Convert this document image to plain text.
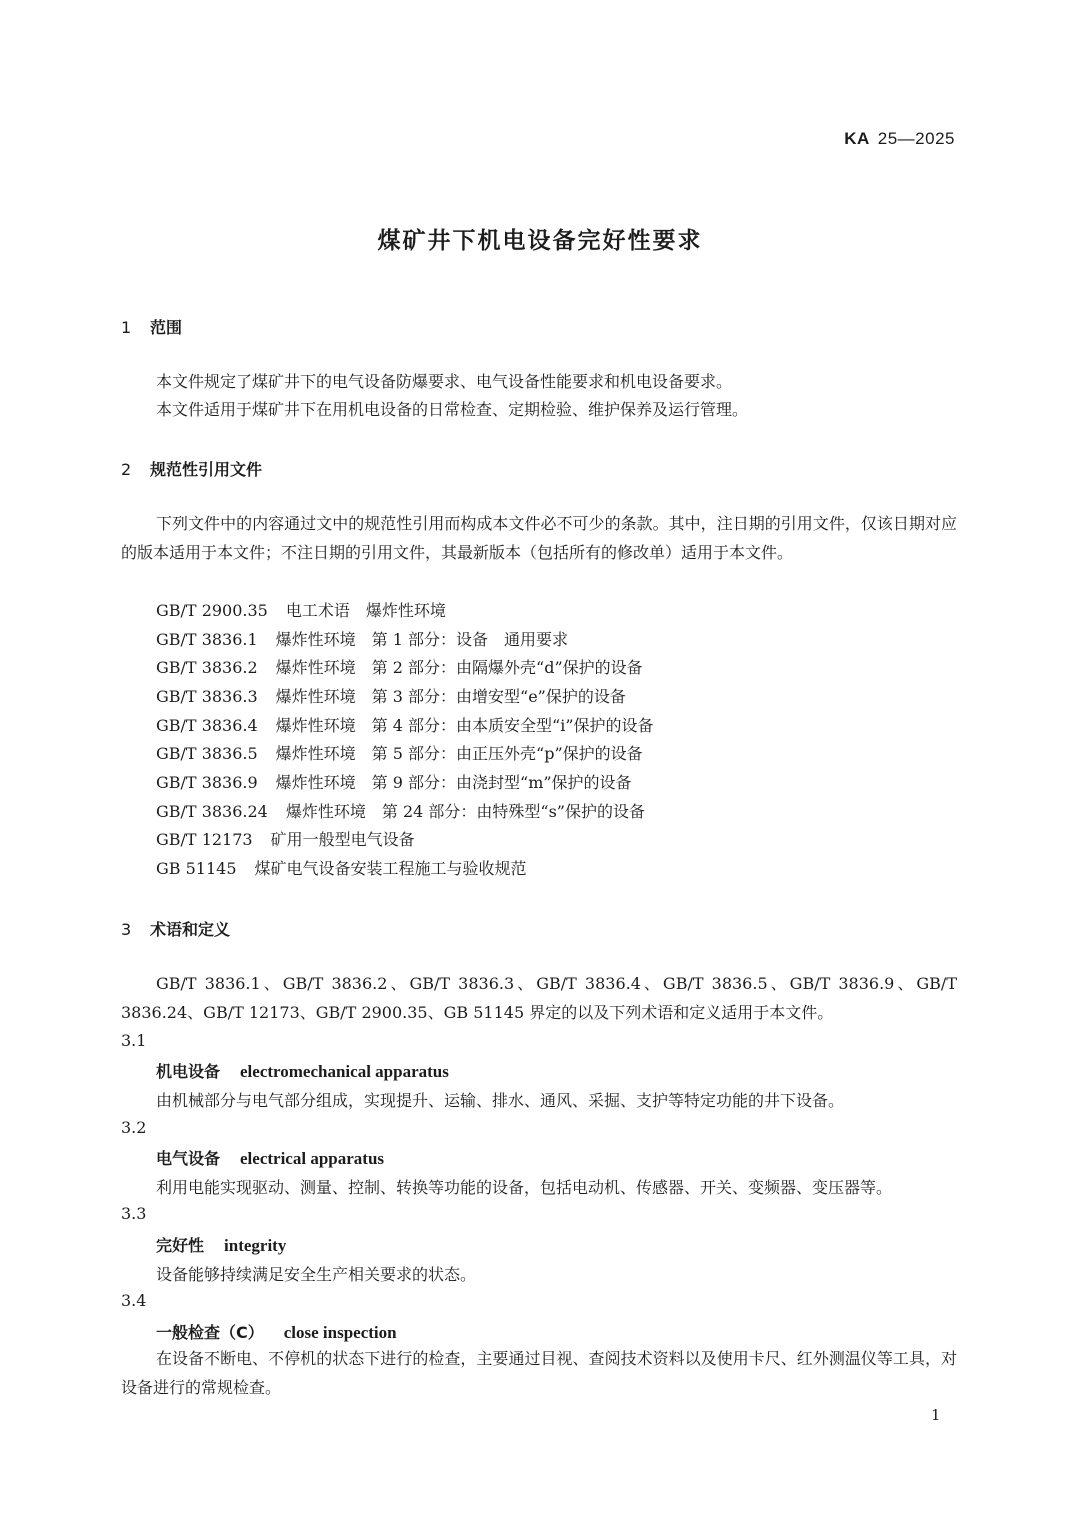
KA 25—2025
煤矿井下机电设备完好性要求
1 范围
本文件规定了煤矿井下的电气设备防爆要求、电气设备性能要求和机电设备要求。
本文件适用于煤矿井下在用机电设备的日常检查、定期检验、维护保养及运行管理。
2 规范性引用文件
下列文件中的内容通过文中的规范性引用而构成本文件必不可少的条款。其中，注日期的引用文件，仅该日期对应的版本适用于本文件；不注日期的引用文件，其最新版本（包括所有的修改单）适用于本文件。
GB/T 2900.35 电工术语　爆炸性环境
GB/T 3836.1 爆炸性环境　第 1 部分：设备　通用要求
GB/T 3836.2 爆炸性环境　第 2 部分：由隔爆外壳“d”保护的设备
GB/T 3836.3 爆炸性环境　第 3 部分：由增安型“e”保护的设备
GB/T 3836.4 爆炸性环境　第 4 部分：由本质安全型“i”保护的设备
GB/T 3836.5 爆炸性环境　第 5 部分：由正压外壳“p”保护的设备
GB/T 3836.9 爆炸性环境　第 9 部分：由浇封型“m”保护的设备
GB/T 3836.24 爆炸性环境　第 24 部分：由特殊型“s”保护的设备
GB/T 12173 矿用一般型电气设备
GB 51145 煤矿电气设备安装工程施工与验收规范
3 术语和定义
GB/T 3836.1、GB/T 3836.2、GB/T 3836.3、GB/T 3836.4、GB/T 3836.5、GB/T 3836.9、GB/T 3836.24、GB/T 12173、GB/T 2900.35、GB 51145 界定的以及下列术语和定义适用于本文件。
3.1
机电设备 electromechanical apparatus
由机械部分与电气部分组成，实现提升、运输、排水、通风、采掘、支护等特定功能的井下设备。
3.2
电气设备 electrical apparatus
利用电能实现驱动、测量、控制、转换等功能的设备，包括电动机、传感器、开关、变频器、变压器等。
3.3
完好性 integrity
设备能够持续满足安全生产相关要求的状态。
3.4
一般检查（C） close inspection
在设备不断电、不停机的状态下进行的检查，主要通过目视、查阅技术资料以及使用卡尺、红外测温仪等工具，对设备进行的常规检查。
1
